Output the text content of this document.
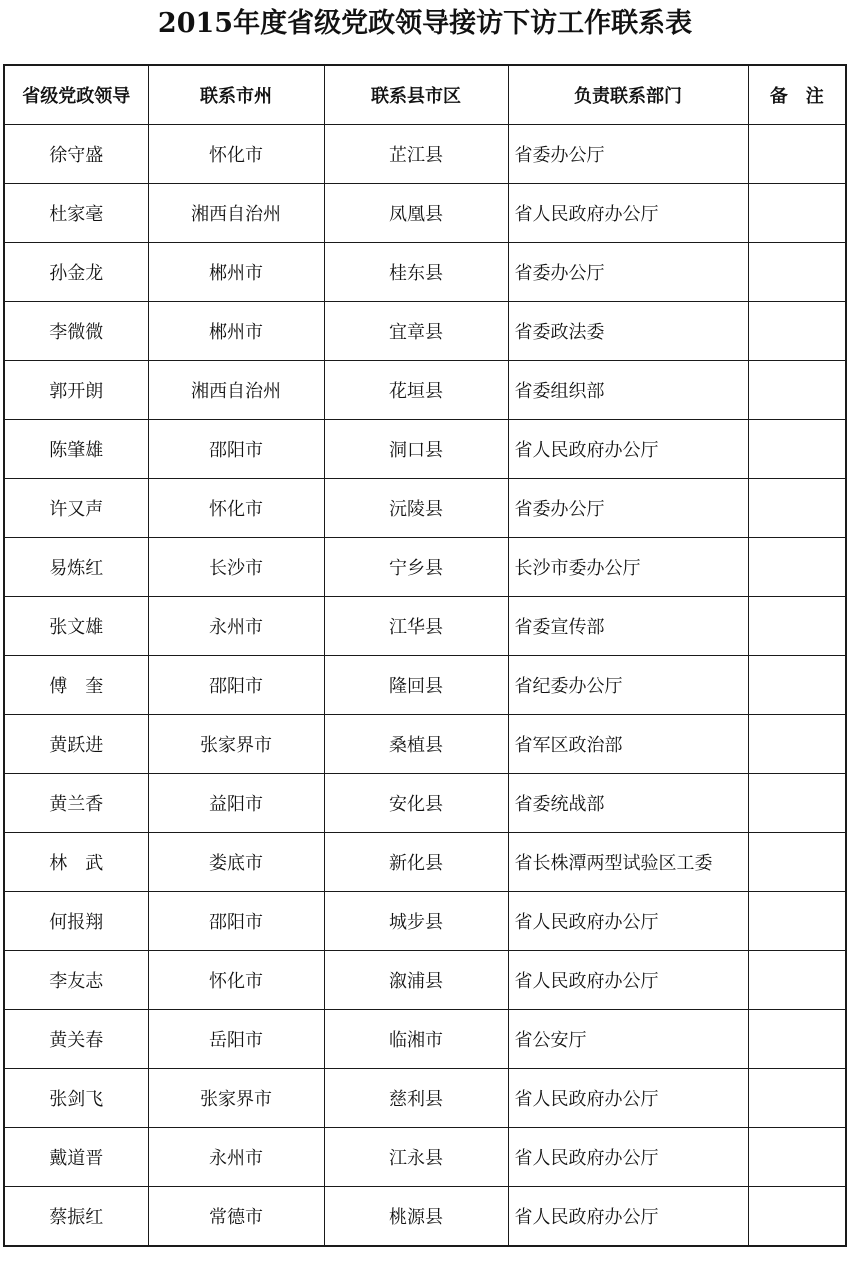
2015年度省级党政领导接访下访工作联系表
省级党政领导	联系市州	联系县市区	负责联系部门	备　注
徐守盛	怀化市	芷江县	省委办公厅	
杜家毫	湘西自治州	凤凰县	省人民政府办公厅	
孙金龙	郴州市	桂东县	省委办公厅	
李微微	郴州市	宜章县	省委政法委	
郭开朗	湘西自治州	花垣县	省委组织部	
陈肇雄	邵阳市	洞口县	省人民政府办公厅	
许又声	怀化市	沅陵县	省委办公厅	
易炼红	长沙市	宁乡县	长沙市委办公厅	
张文雄	永州市	江华县	省委宣传部	
傅　奎	邵阳市	隆回县	省纪委办公厅	
黄跃进	张家界市	桑植县	省军区政治部	
黄兰香	益阳市	安化县	省委统战部	
林　武	娄底市	新化县	省长株潭两型试验区工委	
何报翔	邵阳市	城步县	省人民政府办公厅	
李友志	怀化市	溆浦县	省人民政府办公厅	
黄关春	岳阳市	临湘市	省公安厅	
张剑飞	张家界市	慈利县	省人民政府办公厅	
戴道晋	永州市	江永县	省人民政府办公厅	
蔡振红	常德市	桃源县	省人民政府办公厅	
